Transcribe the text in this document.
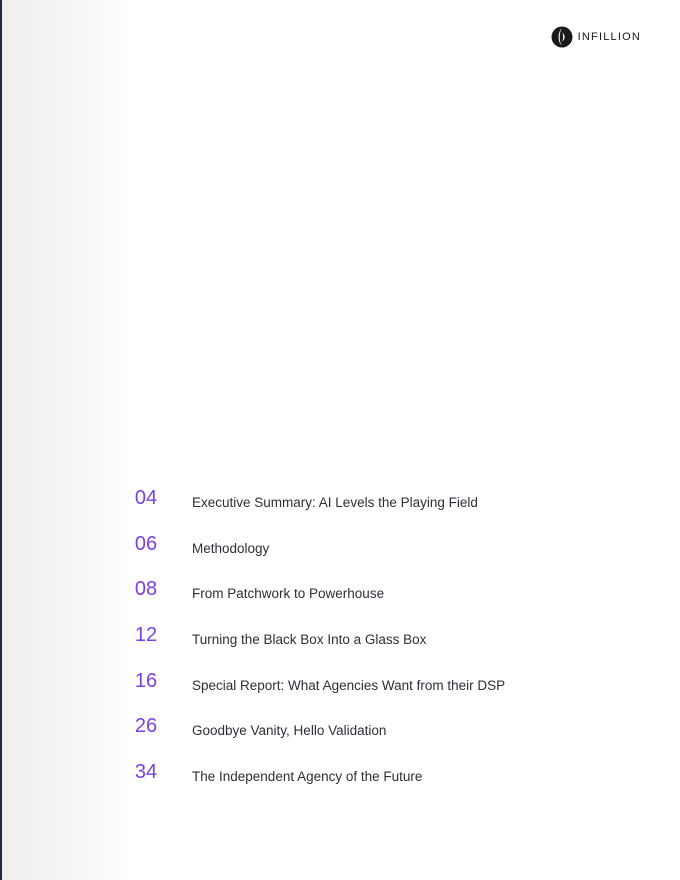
INFILLION
04	Executive Summary: AI Levels the Playing Field
06	Methodology
08	From Patchwork to Powerhouse
12	Turning the Black Box Into a Glass Box
16	Special Report: What Agencies Want from their DSP
26	Goodbye Vanity, Hello Validation
34	The Independent Agency of the Future
